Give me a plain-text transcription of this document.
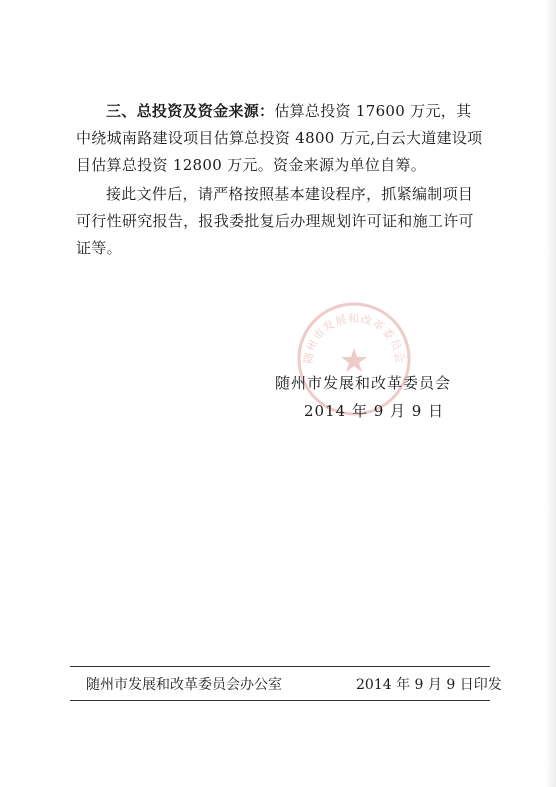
三、总投资及资金来源：估算总投资 17600 万元，其中绕城南路建设项目估算总投资 4800 万元,白云大道建设项目估算总投资 12800 万元。资金来源为单位自筹。

接此文件后，请严格按照基本建设程序，抓紧编制项目可行性研究报告，报我委批复后办理规划许可证和施工许可证等。

随州市发展和改革委员会
随州市发展和改革委员会
2014 年 9 月 9 日
随州市发展和改革委员会办公室	2014 年 9 月 9 日印发
